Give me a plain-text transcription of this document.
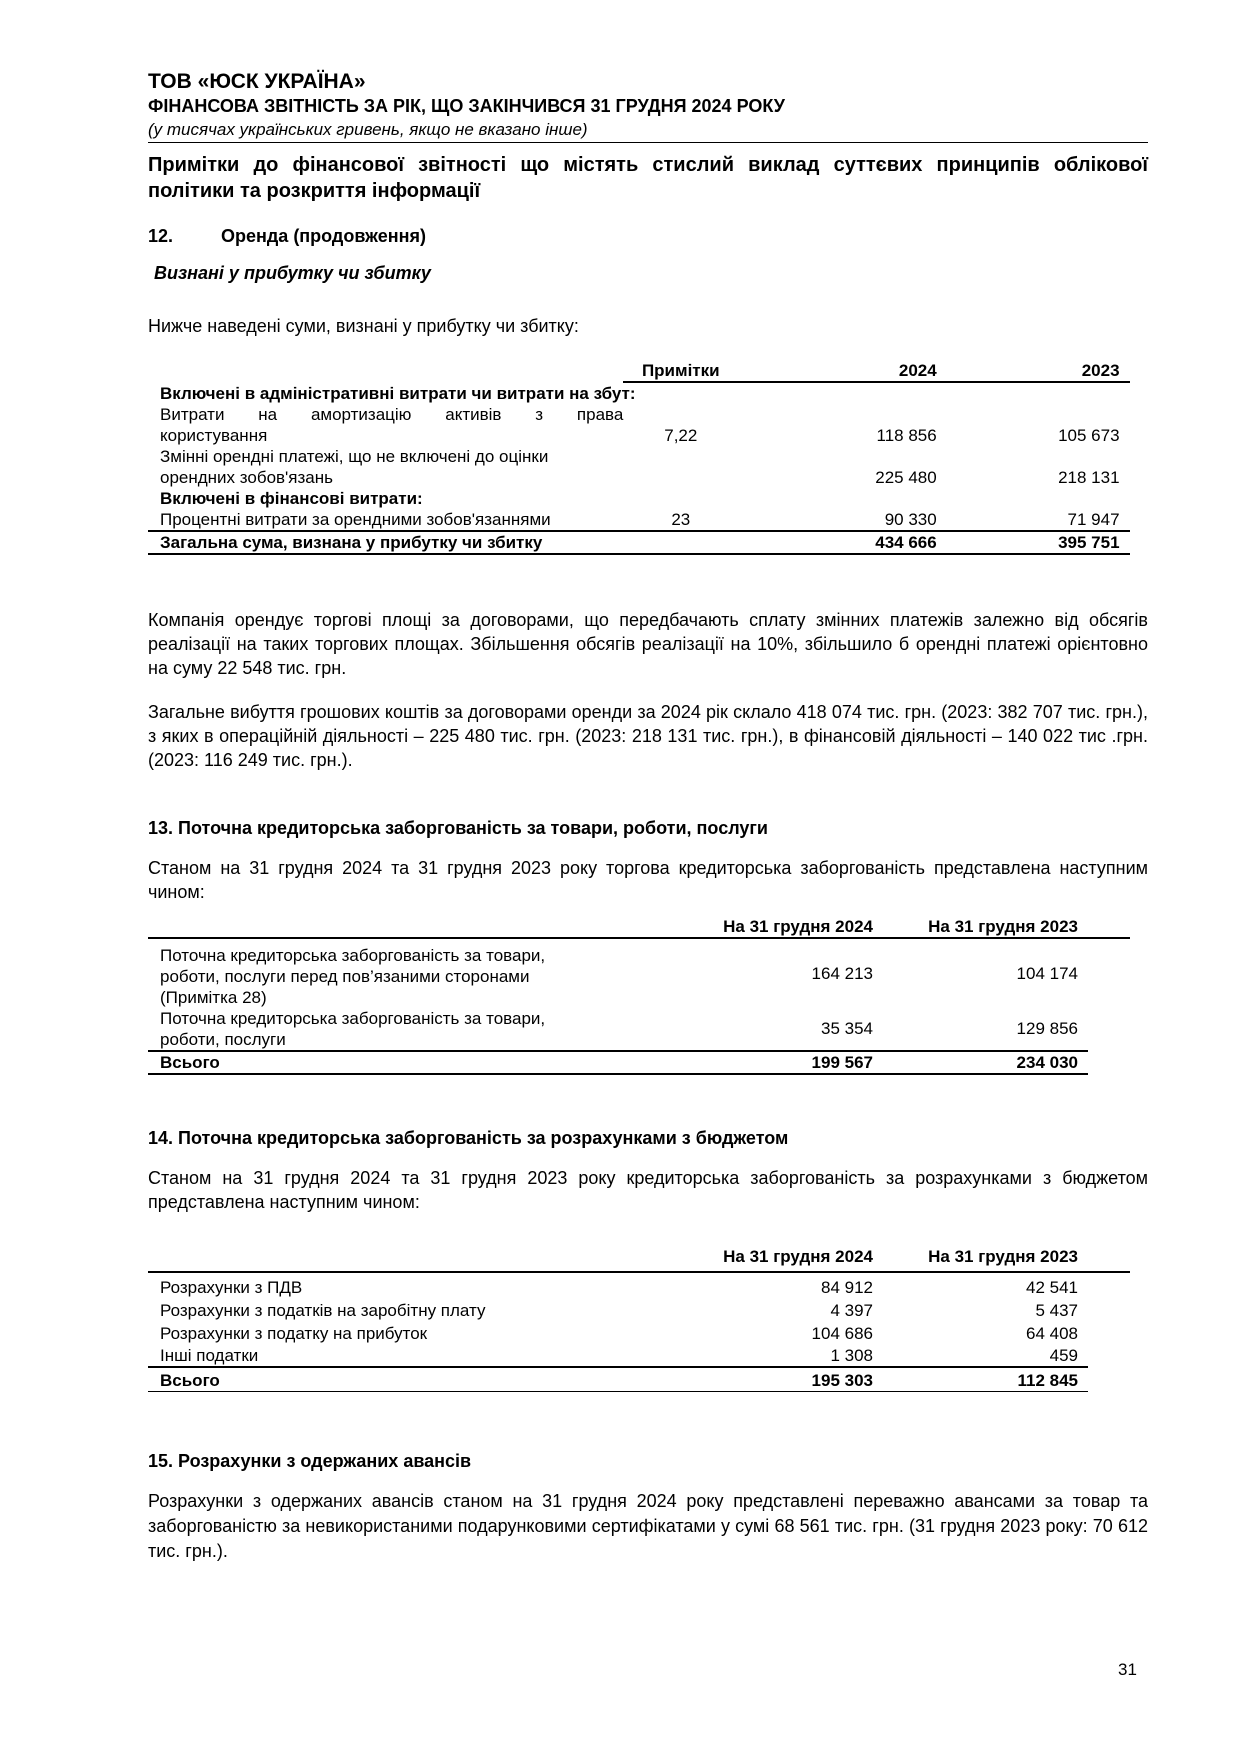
ТОВ «ЮСК УКРАЇНА»
ФІНАНСОВА ЗВІТНІСТЬ ЗА РІК, ЩО ЗАКІНЧИВСЯ 31 ГРУДНЯ 2024 РОКУ
(у тисячах українських гривень, якщо не вказано інше)
Примітки до фінансової звітності що містять стислий виклад суттєвих принципів облікової політики та розкриття інформації
12.	Оренда (продовження)
Визнані у прибутку чи збитку
Нижче наведені суми, визнані у прибутку чи збитку:
	Примітки	2024	2023	
Включені в адміністративні витрати чи витрати на збут:				

Витрати на амортизацію активів з права
користування	7,22	118 856	105 673	

Змінні орендні платежі, що не включені до оцінки
орендних зобов'язань		225 480	218 131	
Включені в фінансові витрати:				
Процентні витрати за орендними зобов'язаннями	23	90 330	71 947	
Загальна сума, визнана у прибутку чи збитку		434 666	395 751	
Компанія орендує торгові площі за договорами, що передбачають сплату змінних платежів залежно від обсягів реалізації на таких торгових площах. Збільшення обсягів реалізації на 10%, збільшило б орендні платежі орієнтовно на суму 22 548 тис. грн.
Загальне вибуття грошових коштів за договорами оренди за 2024 рік склало 418 074 тис. грн. (2023: 382 707 тис. грн.), з яких в операційній діяльності – 225 480 тис. грн. (2023: 218 131 тис. грн.), в фінансовій діяльності – 140 022 тис .грн. (2023: 116 249 тис. грн.).
13. Поточна кредиторська заборгованість за товари, роботи, послуги
Станом на 31 грудня 2024 та 31 грудня 2023 року торгова кредиторська заборгованість представлена наступним чином:
	На 31 грудня 2024	На 31 грудня 2023		

Поточна кредиторська заборгованість за товари,
роботи, послуги перед пов’язаними сторонами
(Примітка 28)	164 213	104 174		

Поточна кредиторська заборгованість за товари,
роботи, послуги	35 354	129 856		
Всього	199 567	234 030		
14. Поточна кредиторська заборгованість за розрахунками з бюджетом
Станом на 31 грудня 2024 та 31 грудня 2023 року кредиторська заборгованість за розрахунками з бюджетом представлена наступним чином:
	На 31 грудня 2024	На 31 грудня 2023		
Розрахунки з ПДВ	84 912	42 541		
Розрахунки з податків на заробітну плату	4 397	5 437		
Розрахунки з податку на прибуток	104 686	64 408		
Інші податки	1 308	459		
Всього	195 303	112 845		
15. Розрахунки з одержаних авансів
Розрахунки з одержаних авансів станом на 31 грудня 2024 року представлені переважно авансами за товар та заборгованістю за невикористаними подарунковими сертифікатами у сумі 68 561 тис. грн. (31 грудня 2023 року: 70 612 тис. грн.).
31
